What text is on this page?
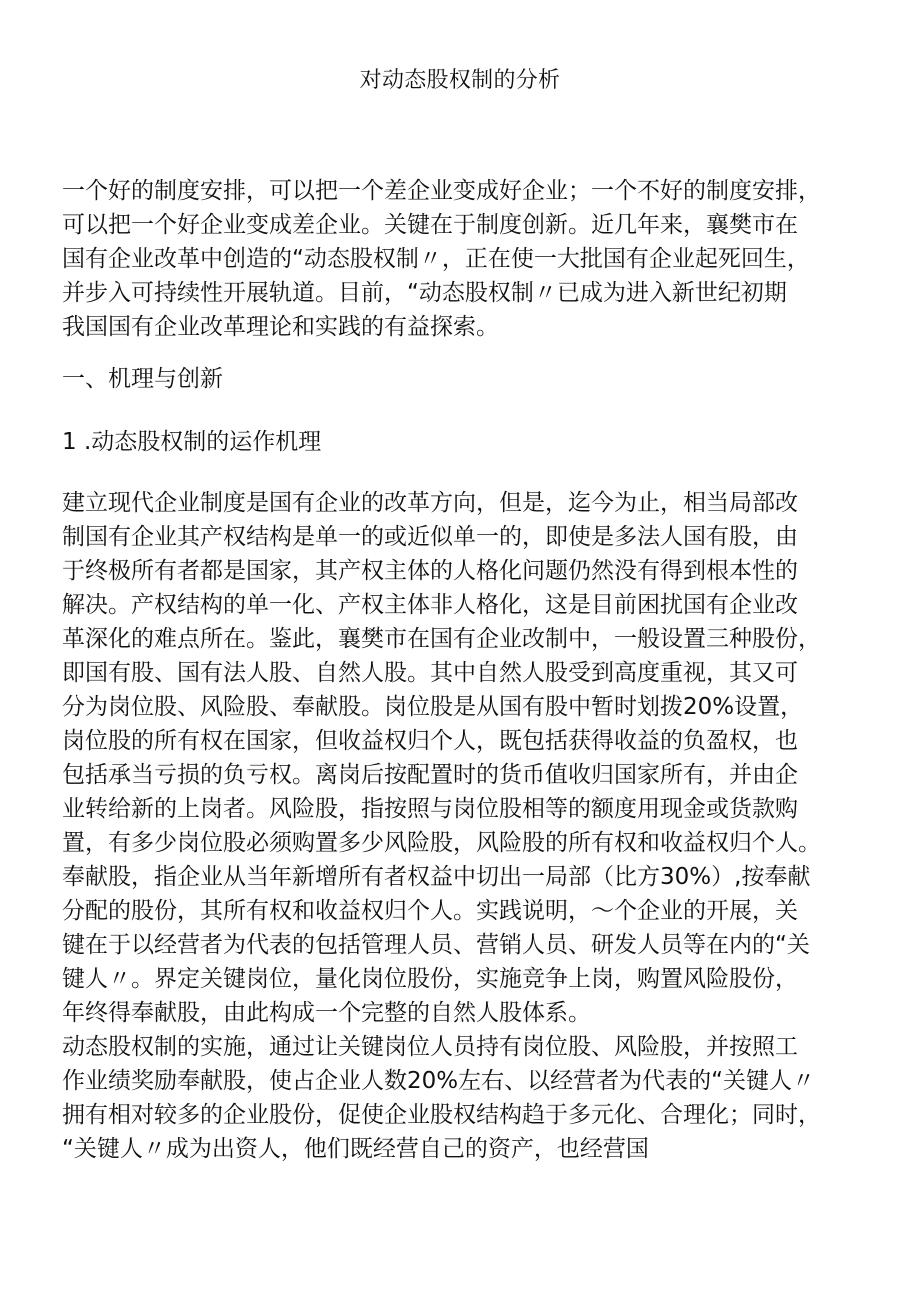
对动态股权制的分析
一个好的制度安排，可以把一个差企业变成好企业；一个不好的制度安排，
可以把一个好企业变成差企业。关键在于制度创新。近几年来，襄樊市在
国有企业改革中创造的“动态股权制〃，正在使一大批国有企业起死回生，
并步入可持续性开展轨道。目前，“动态股权制〃已成为进入新世纪初期
我国国有企业改革理论和实践的有益探索。
一、机理与创新
1 .动态股权制的运作机理
建立现代企业制度是国有企业的改革方向，但是，迄今为止，相当局部改
制国有企业其产权结构是单一的或近似单一的，即使是多法人国有股，由
于终极所有者都是国家，其产权主体的人格化问题仍然没有得到根本性的
解决。产权结构的单一化、产权主体非人格化，这是目前困扰国有企业改
革深化的难点所在。鉴此，襄樊市在国有企业改制中，一般设置三种股份，
即国有股、国有法人股、自然人股。其中自然人股受到高度重视，其又可
分为岗位股、风险股、奉献股。岗位股是从国有股中暂时划拨20%设置，
岗位股的所有权在国家，但收益权归个人，既包括获得收益的负盈权，也
包括承当亏损的负亏权。离岗后按配置时的货币值收归国家所有，并由企
业转给新的上岗者。风险股，指按照与岗位股相等的额度用现金或货款购
置，有多少岗位股必须购置多少风险股，风险股的所有权和收益权归个人。
奉献股，指企业从当年新增所有者权益中切出一局部（比方30%）,按奉献
分配的股份，其所有权和收益权归个人。实践说明，〜个企业的开展，关
键在于以经营者为代表的包括管理人员、营销人员、研发人员等在内的“关
键人〃。界定关键岗位，量化岗位股份，实施竞争上岗，购置风险股份，
年终得奉献股，由此构成一个完整的自然人股体系。
动态股权制的实施，通过让关键岗位人员持有岗位股、风险股，并按照工
作业绩奖励奉献股，使占企业人数20%左右、以经营者为代表的“关键人〃
拥有相对较多的企业股份，促使企业股权结构趋于多元化、合理化；同时，
“关键人〃成为出资人，他们既经营自己的资产，也经营国
